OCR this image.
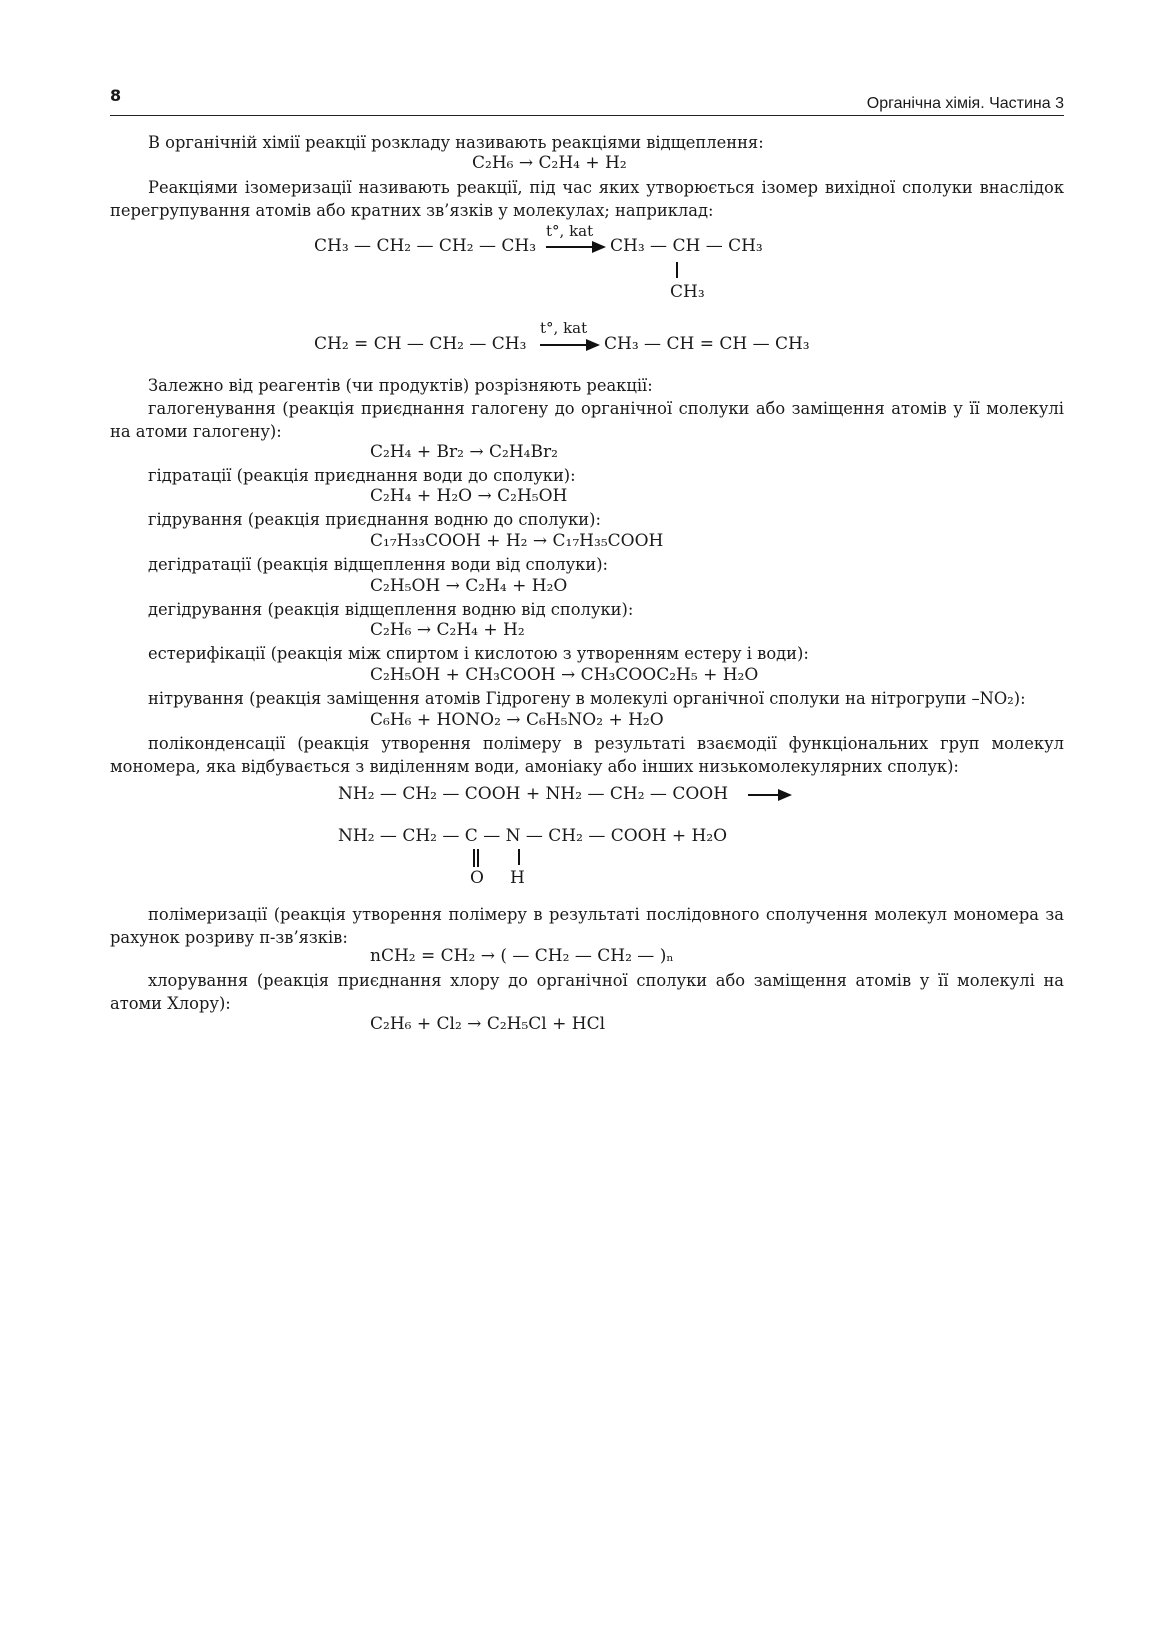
8	Органічна хімія. Частина 3
В органічній хімії реакції розкладу називають реакціями відщеплення:
C₂H₆ → C₂H₄ + H₂
Реакціями ізомеризації називають реакції, під час яких утворюється ізомер вихідної сполуки внаслідок перегрупування атомів або кратних зв’язків у молекулах; наприклад:
CH₃ — CH₂ — CH₂ — CH₃
t°, kat
CH₃ — CH — CH₃
CH₃
t°, kat
CH₂ = CH — CH₂ — CH₃	CH₃ — CH = CH — CH₃
Залежно від реагентів (чи продуктів) розрізняють реакції:
галогенування (реакція приєднання галогену до органічної сполуки або заміщення атомів у її молекулі на атоми галогену):
C₂H₄ + Br₂ → C₂H₄Br₂
гідратації (реакція приєднання води до сполуки):
C₂H₄ + H₂O → C₂H₅OH
гідрування (реакція приєднання водню до сполуки):
C₁₇H₃₃COOH + H₂ → C₁₇H₃₅COOH
дегідратації (реакція відщеплення води від сполуки):
C₂H₅OH → C₂H₄ + H₂O
дегідрування (реакція відщеплення водню від сполуки):
C₂H₆ → C₂H₄ + H₂
естерифікації (реакція між спиртом і кислотою з утворенням естеру і води):
C₂H₅OH + CH₃COOH → CH₃COOC₂H₅ + H₂O
нітрування (реакція заміщення атомів Гідрогену в молекулі органічної сполуки на нітрогрупи –NO₂):
C₆H₆ + HONO₂ → C₆H₅NO₂ + H₂O
поліконденсації (реакція утворення полімеру в результаті взаємодії функціональних груп молекул мономера, яка відбувається з виділенням води, амоніаку або інших низькомолекулярних сполук):
NH₂ — CH₂ — COOH + NH₂ — CH₂ — COOH
NH₂ — CH₂ — C — N — CH₂ — COOH + H₂O
O H
полімеризації (реакція утворення полімеру в результаті послідовного сполучення молекул мономера за рахунок розриву π-зв’язків:
nCH₂ = CH₂ → ( — CH₂ — CH₂ — )ₙ
хлорування (реакція приєднання хлору до органічної сполуки або заміщення атомів у її молекулі на атоми Хлору):
C₂H₆ + Cl₂ → C₂H₅Cl + HCl
